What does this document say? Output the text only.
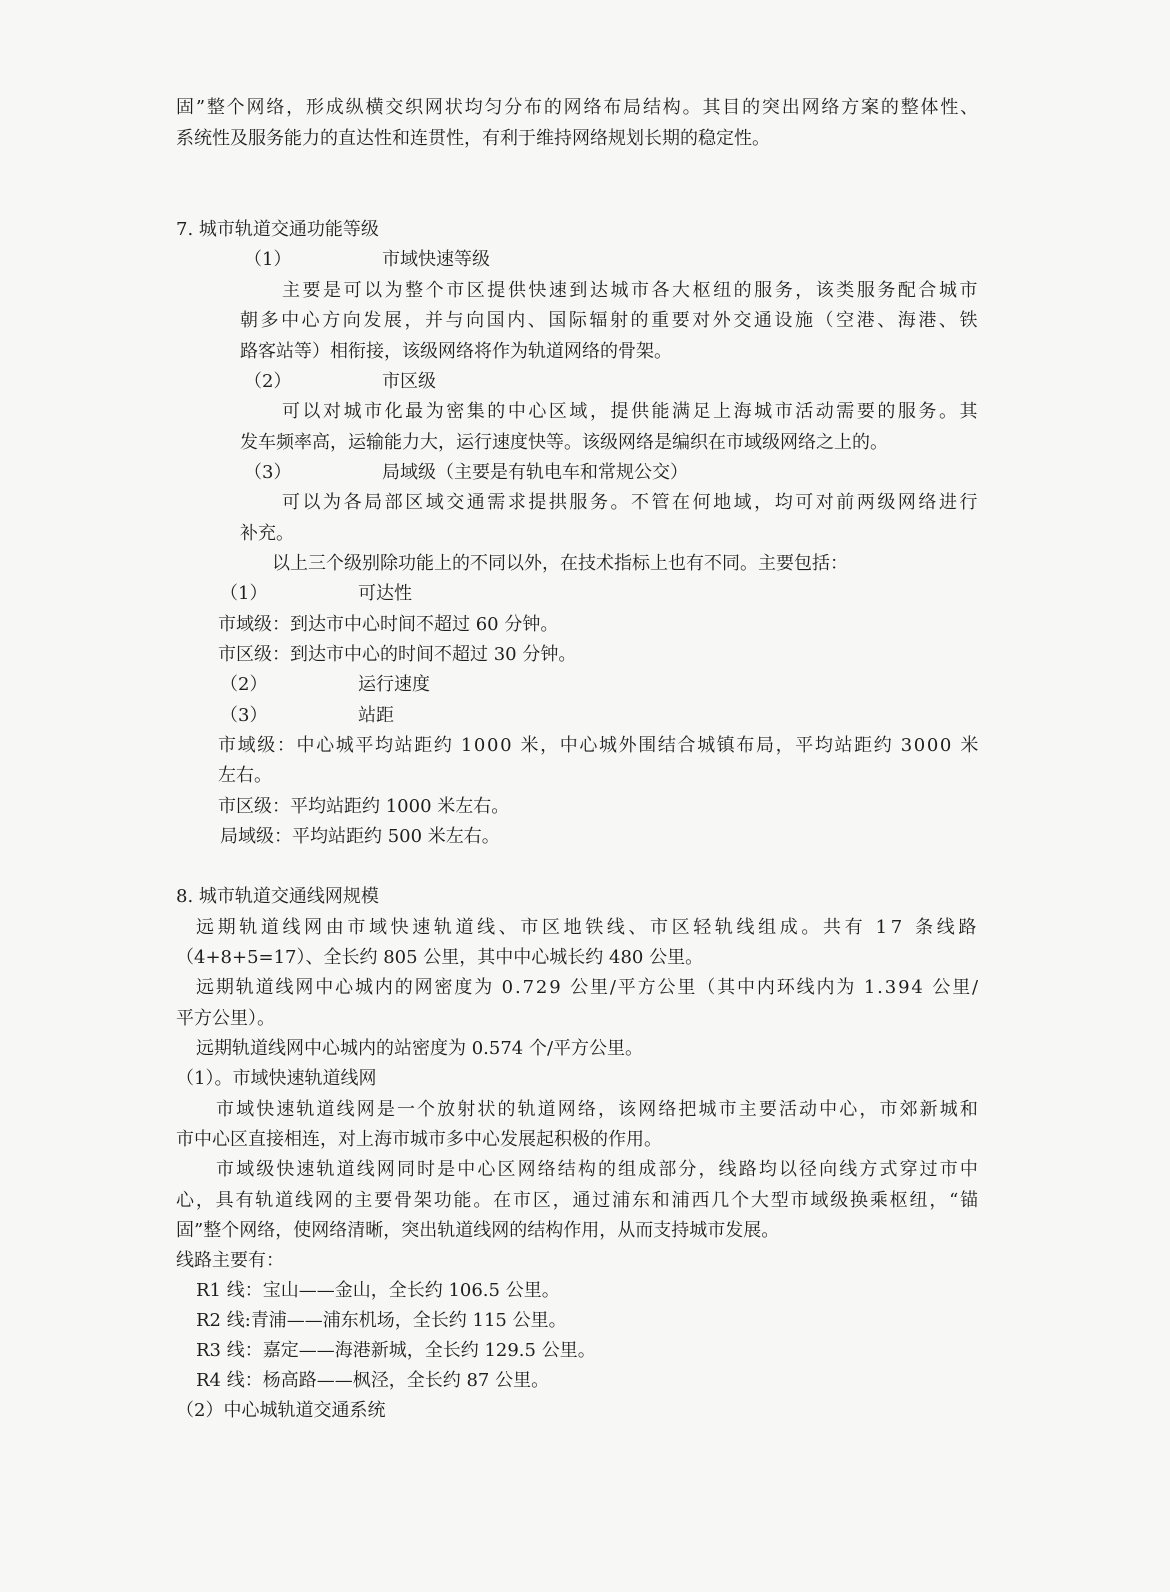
固”整个网络，形成纵横交织网状均匀分布的网络布局结构。其目的突出网络方案的整体性、
系统性及服务能力的直达性和连贯性，有利于维持网络规划长期的稳定性。
7. 城市轨道交通功能等级
（1）	市域快速等级
主要是可以为整个市区提供快速到达城市各大枢纽的服务，该类服务配合城市
朝多中心方向发展，并与向国内、国际辐射的重要对外交通设施（空港、海港、铁
路客站等）相衔接，该级网络将作为轨道网络的骨架。
（2）	市区级
可以对城市化最为密集的中心区域，提供能满足上海城市活动需要的服务。其
发车频率高，运输能力大，运行速度快等。该级网络是编织在市域级网络之上的。
（3）	局域级（主要是有轨电车和常规公交）
可以为各局部区域交通需求提拱服务。不管在何地域，均可对前两级网络进行
补充。
以上三个级别除功能上的不同以外，在技术指标上也有不同。主要包括：
（1）	可达性
市域级：到达市中心时间不超过 60 分钟。
市区级：到达市中心的时间不超过 30 分钟。
（2）	运行速度
（3）	站距
市域级：中心城平均站距约 1000 米，中心城外围结合城镇布局，平均站距约 3000 米
左右。
市区级：平均站距约 1000 米左右。
局域级：平均站距约 500 米左右。
8. 城市轨道交通线网规模
远期轨道线网由市域快速轨道线、市区地铁线、市区轻轨线组成。共有 17 条线路
（4+8+5=17）、全长约 805 公里，其中中心城长约 480 公里。
远期轨道线网中心城内的网密度为 0.729 公里/平方公里（其中内环线内为 1.394 公里/
平方公里）。
远期轨道线网中心城内的站密度为 0.574 个/平方公里。
（1）。市域快速轨道线网
市域快速轨道线网是一个放射状的轨道网络，该网络把城市主要活动中心，市郊新城和
市中心区直接相连，对上海市城市多中心发展起积极的作用。
市域级快速轨道线网同时是中心区网络结构的组成部分，线路均以径向线方式穿过市中
心，具有轨道线网的主要骨架功能。在市区，通过浦东和浦西几个大型市域级换乘枢纽，“锚
固”整个网络，使网络清晰，突出轨道线网的结构作用，从而支持城市发展。
线路主要有：
R1 线：宝山——金山，全长约 106.5 公里。
R2 线:青浦——浦东机场，全长约 115 公里。
R3 线：嘉定——海港新城，全长约 129.5 公里。
R4 线：杨高路——枫泾，全长约 87 公里。
（2）中心城轨道交通系统
